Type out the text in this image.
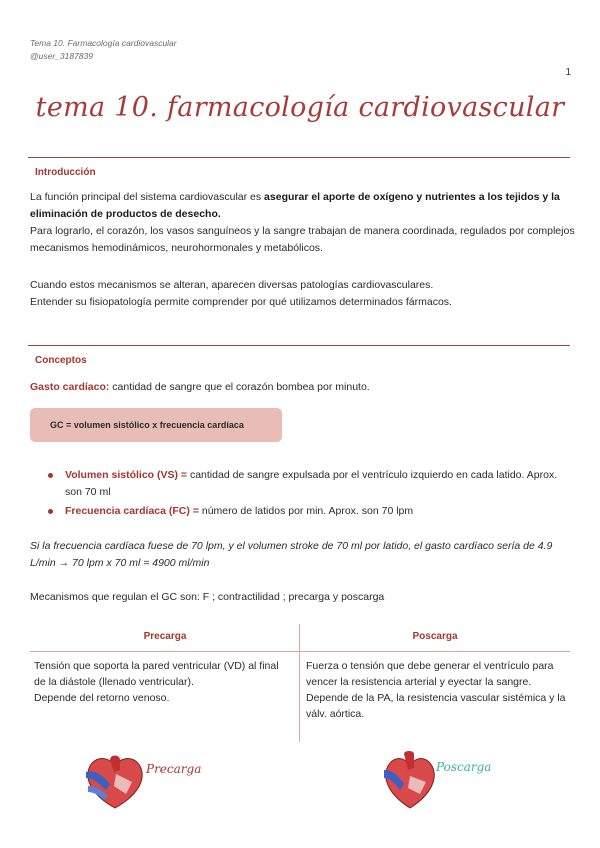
Tema 10. Farmacología cardiovascular
@user_3187839
1
tema 10. farmacología cardiovascular
Introducción
La función principal del sistema cardiovascular es asegurar el aporte de oxígeno y nutrientes a los tejidos y la eliminación de productos de desecho.
Para lograrlo, el corazón, los vasos sanguíneos y la sangre trabajan de manera coordinada, regulados por complejos mecanismos hemodinámicos, neurohormonales y metabólicos.
Cuando estos mecanismos se alteran, aparecen diversas patologías cardiovasculares.
Entender su fisiopatología permite comprender por qué utilizamos determinados fármacos.
Conceptos
Gasto cardíaco: cantidad de sangre que el corazón bombea por minuto.
GC = volumen sistólico x frecuencia cardíaca
Volumen sistólico (VS) = cantidad de sangre expulsada por el ventrículo izquierdo en cada latido. Aprox. son 70 ml
Frecuencia cardíaca (FC) = número de latidos por min. Aprox. son 70 lpm
Si la frecuencia cardíaca fuese de 70 lpm, y el volumen stroke de 70 ml por latido, el gasto cardíaco sería de 4.9 L/min → 70 lpm x 70 ml = 4900 ml/min
Mecanismos que regulan el GC son: F ; contractilidad ; precarga y poscarga
Precarga	Poscarga
Tensión que soporta la pared ventricular (VD) al final de la diástole (llenado ventricular).
Depende del retorno venoso.
Fuerza o tensión que debe generar el ventrículo para vencer la resistencia arterial y eyectar la sangre.
Depende de la PA, la resistencia vascular sistémica y la válv. aórtica.
Precarga	Poscarga
